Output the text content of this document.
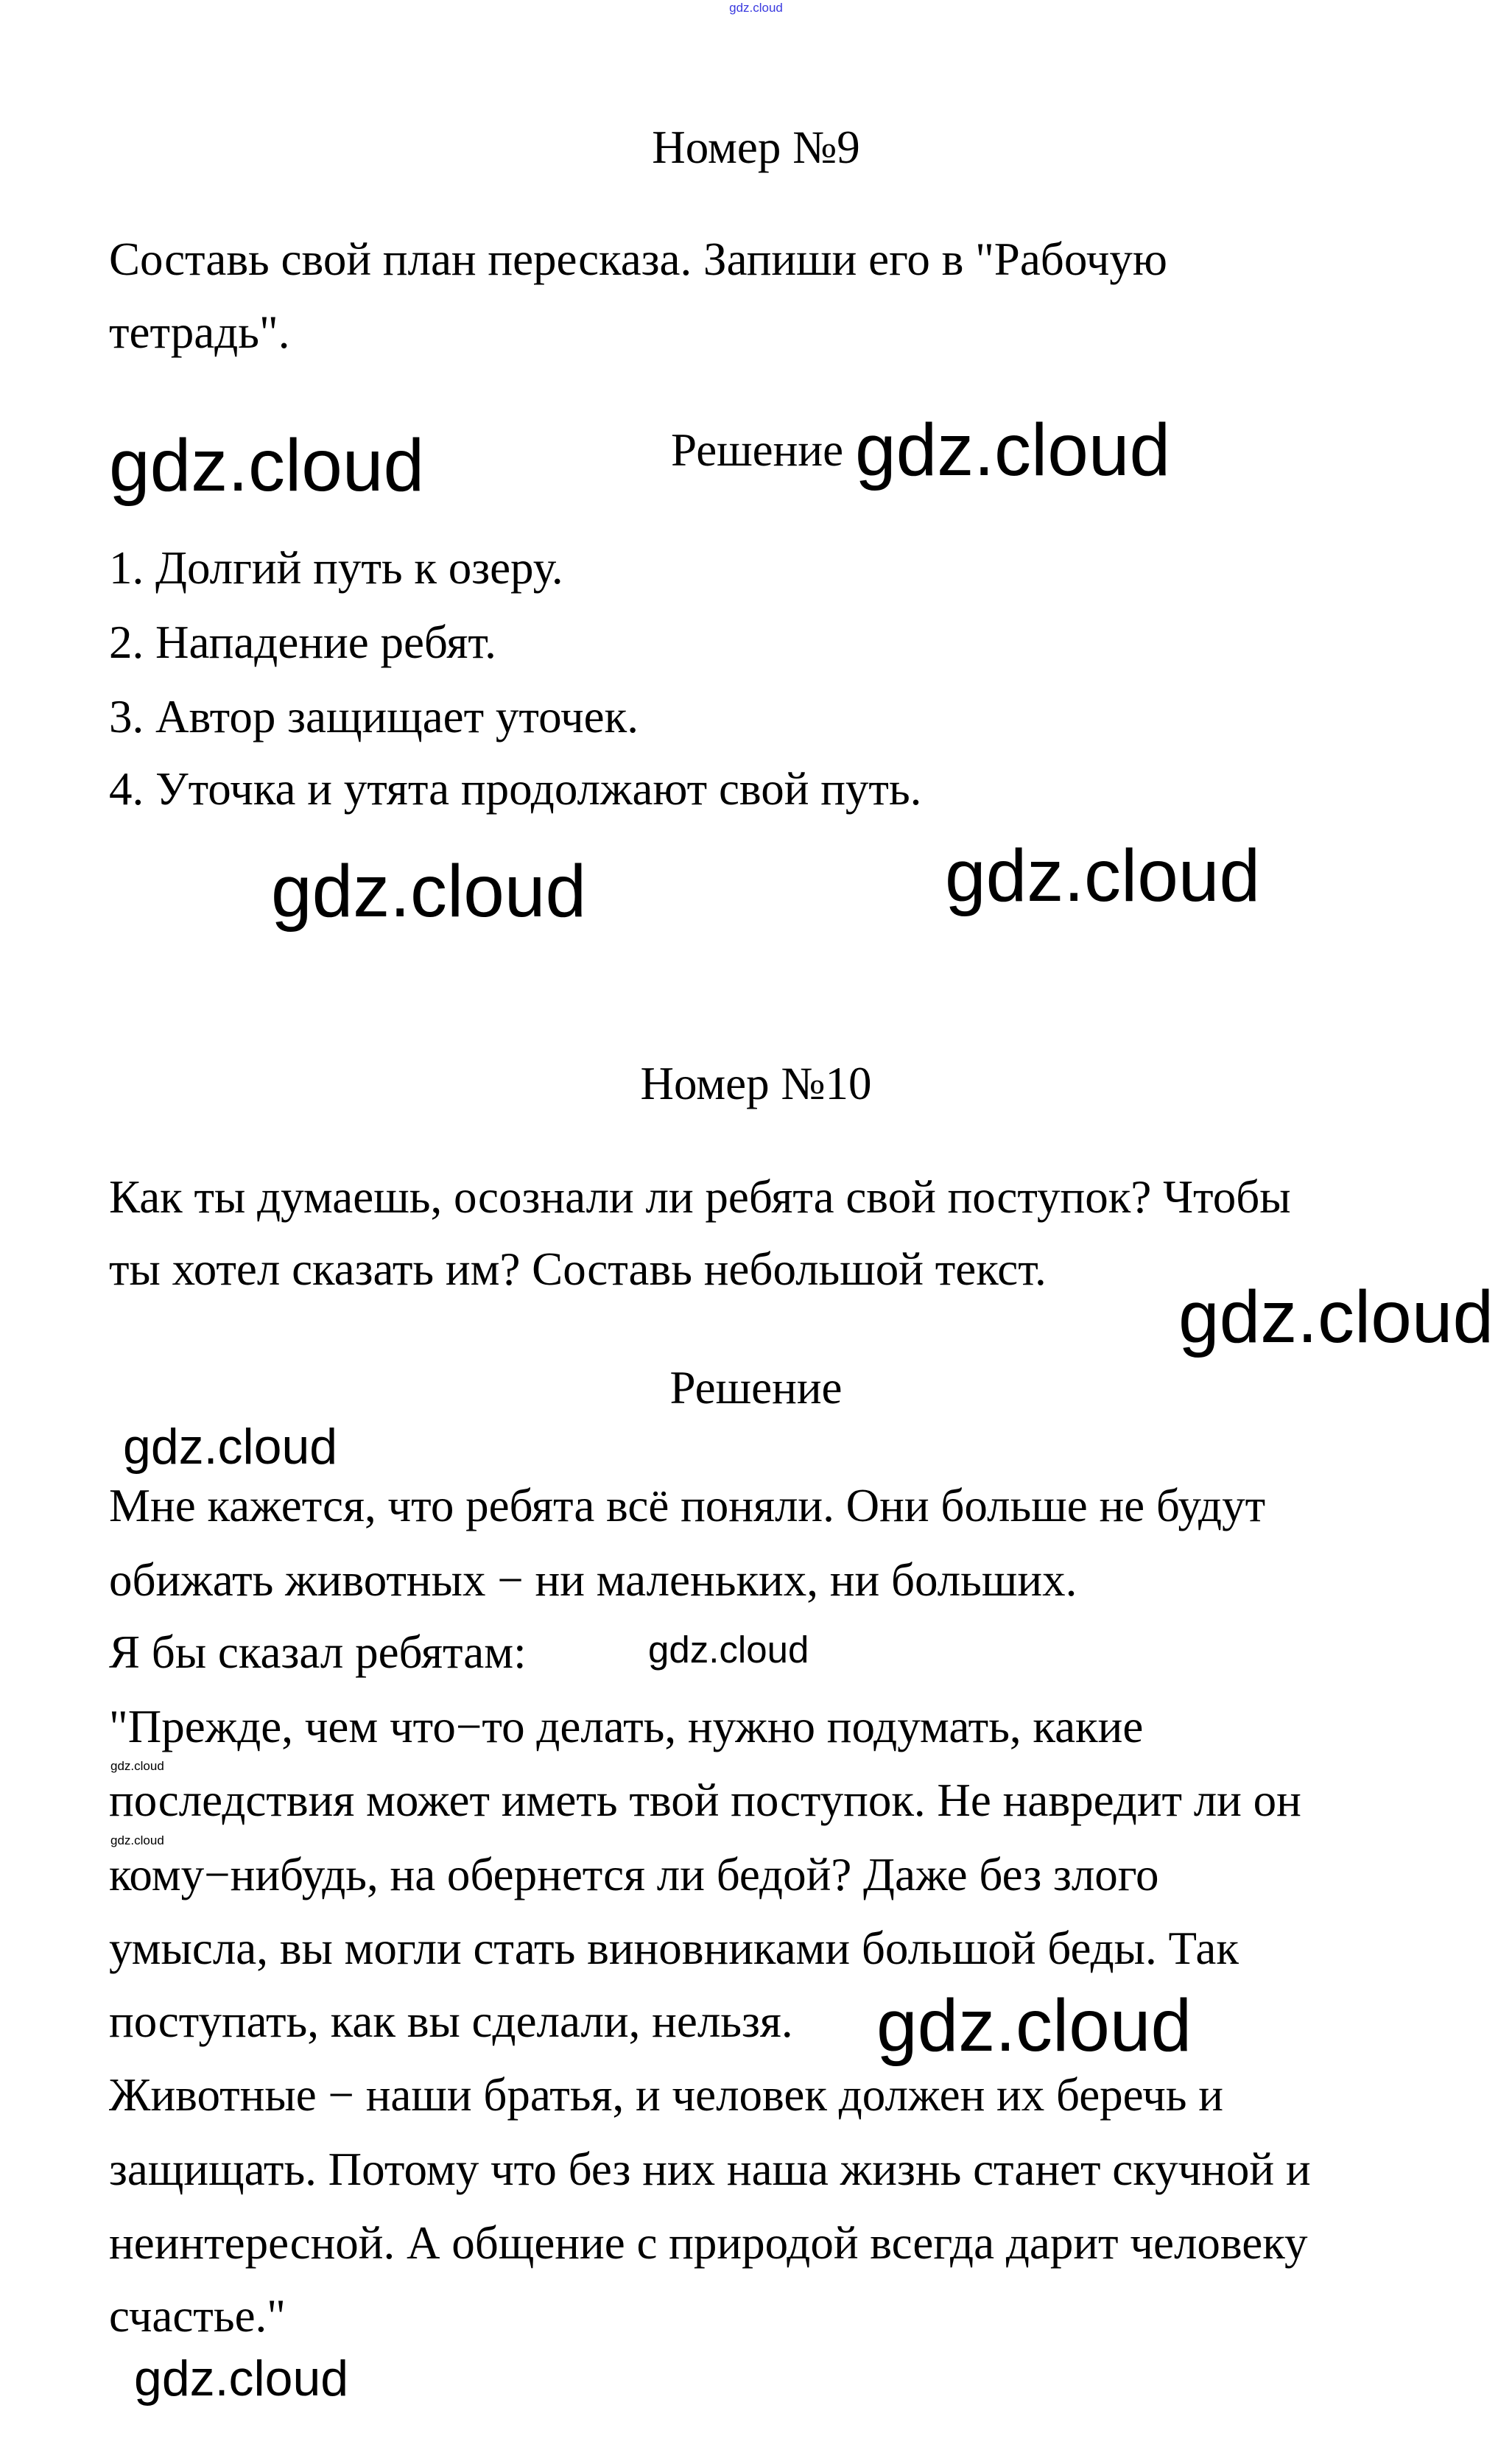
gdz.cloud
Номер №9
Составь свой план пересказа. Запиши его в "Рабочую
тетрадь".
gdz.cloud	Решение gdz.cloud
1. Долгий путь к озеру.
2. Нападение ребят.
3. Автор защищает уточек.
4. Уточка и утята продолжают свой путь.
gdz.cloud	gdz.cloud
Номер №10
Как ты думаешь, осознали ли ребята свой поступок? Чтобы
ты хотел сказать им? Составь небольшой текст.
gdz.cloud
Решение
gdz.cloud
Мне кажется, что ребята всё поняли. Они больше не будут
обижать животных − ни маленьких, ни больших.
Я бы сказал ребятам:
"Прежде, чем что−то делать, нужно подумать, какие
gdz.cloud
gdz.cloud
последствия может иметь твой поступок. Не навредит ли он
gdz.cloud
кому−нибудь, на обернется ли бедой? Даже без злого
умысла, вы могли стать виновниками большой беды. Так
поступать, как вы сделали, нельзя. gdz.cloud
Животные − наши братья, и человек должен их беречь и
защищать. Потому что без них наша жизнь станет скучной и
неинтересной. А общение с природой всегда дарит человеку
счастье."
gdz.cloud
